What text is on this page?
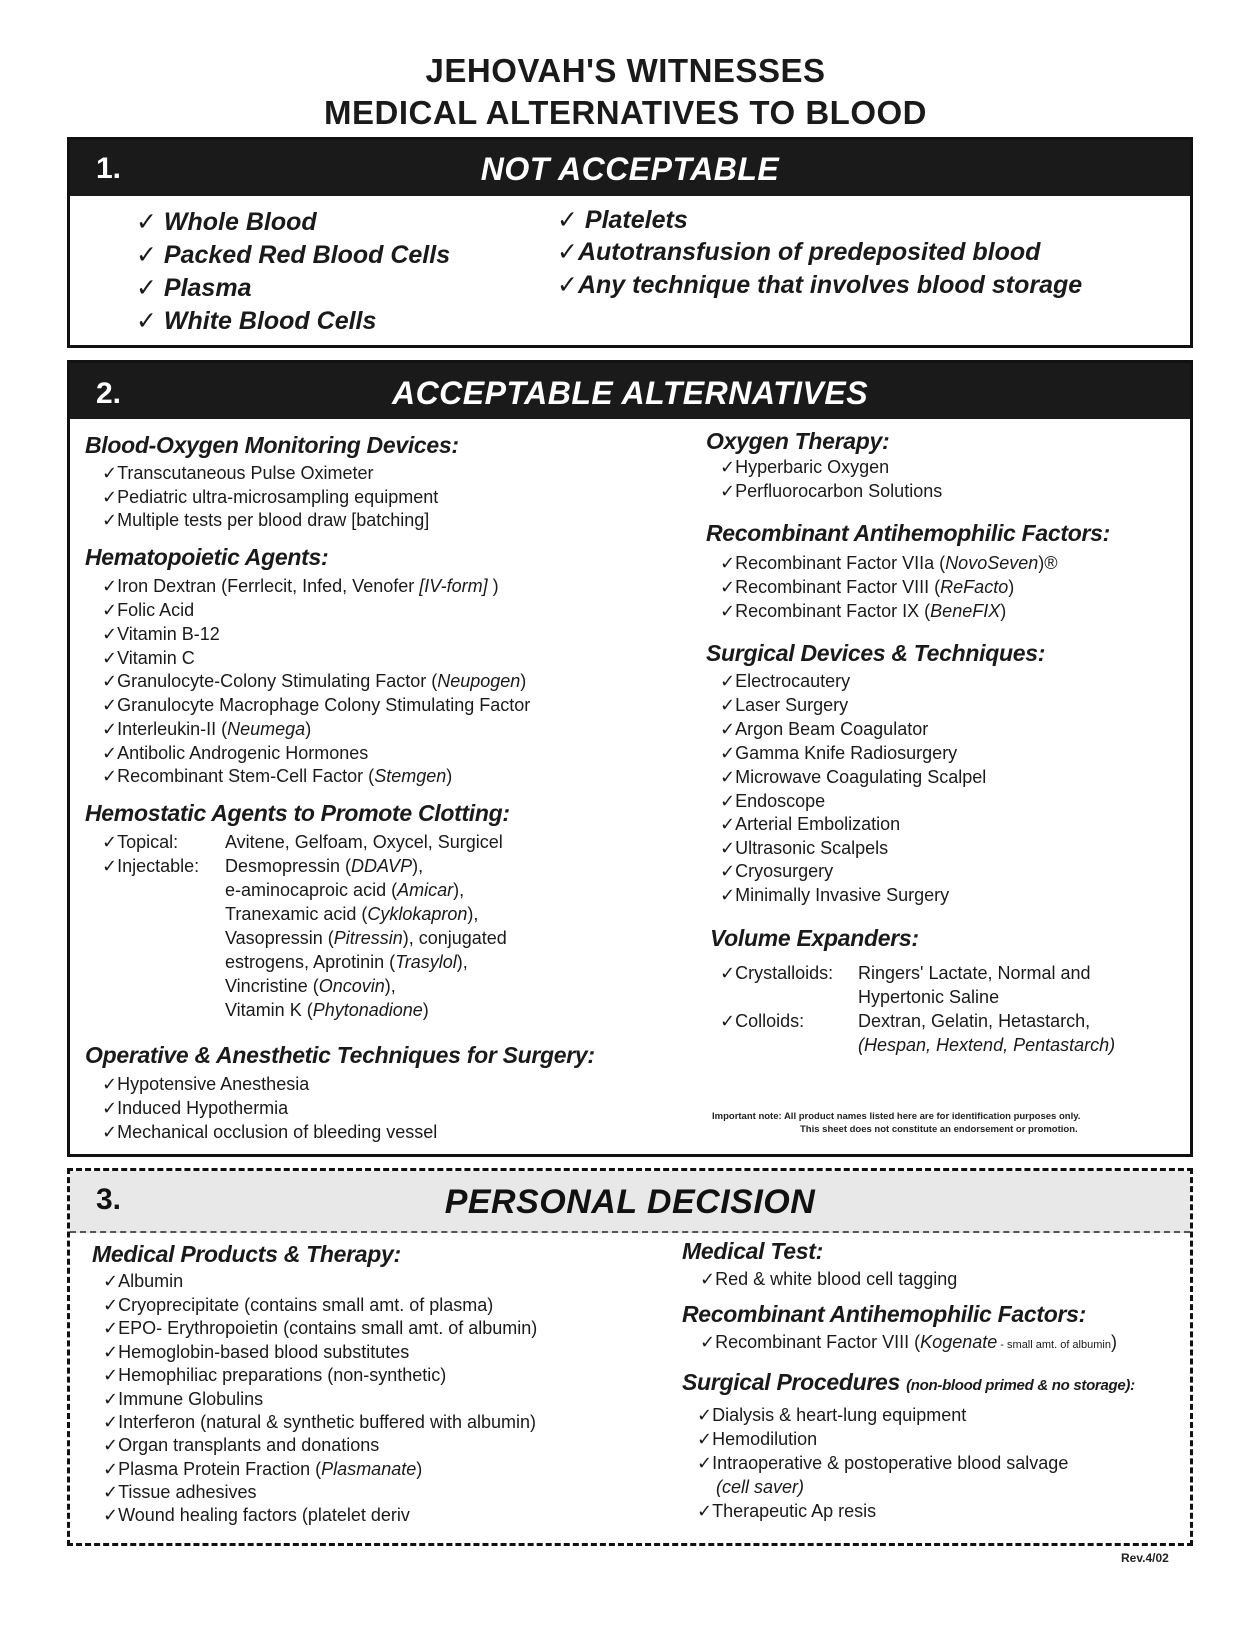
JEHOVAH'S WITNESSES
MEDICAL ALTERNATIVES TO BLOOD
1.	NOT ACCEPTABLE
✓ Whole Blood
✓ Packed Red Blood Cells
✓ Plasma
✓ White Blood Cells
✓ Platelets
✓Autotransfusion of predeposited blood
✓Any technique that involves blood storage
2.	ACCEPTABLE ALTERNATIVES
Blood-Oxygen Monitoring Devices:
✓Transcutaneous Pulse Oximeter
✓Pediatric ultra-microsampling equipment
✓Multiple tests per blood draw [batching]
Hematopoietic Agents:
✓Iron Dextran (Ferrlecit, Infed, Venofer [IV-form] )
✓Folic Acid
✓Vitamin B-12
✓Vitamin C
✓Granulocyte-Colony Stimulating Factor (Neupogen)
✓Granulocyte Macrophage Colony Stimulating Factor
✓Interleukin-II (Neumega)
✓Antibolic Androgenic Hormones
✓Recombinant Stem-Cell Factor (Stemgen)
Hemostatic Agents to Promote Clotting:
✓Topical:	Avitene, Gelfoam, Oxycel, Surgicel
✓Injectable: Desmopressin (DDAVP),
e-aminocaproic acid (Amicar),
Tranexamic acid (Cyklokapron),
Vasopressin (Pitressin), conjugated
estrogens, Aprotinin (Trasylol),
Vincristine (Oncovin),
Vitamin K (Phytonadione)
Operative & Anesthetic Techniques for Surgery:
✓Hypotensive Anesthesia
✓Induced Hypothermia
✓Mechanical occlusion of bleeding vessel
Oxygen Therapy:
✓Hyperbaric Oxygen
✓Perfluorocarbon Solutions
Recombinant Antihemophilic Factors:
✓Recombinant Factor VIIa (NovoSeven)®
✓Recombinant Factor VIII (ReFacto)
✓Recombinant Factor IX (BeneFIX)
Surgical Devices & Techniques:
✓Electrocautery
✓Laser Surgery
✓Argon Beam Coagulator
✓Gamma Knife Radiosurgery
✓Microwave Coagulating Scalpel
✓Endoscope
✓Arterial Embolization
✓Ultrasonic Scalpels
✓Cryosurgery
✓Minimally Invasive Surgery
Volume Expanders:
✓Crystalloids: Ringers' Lactate, Normal and
Hypertonic Saline
✓Colloids:	Dextran, Gelatin, Hetastarch,
(Hespan, Hextend, Pentastarch)
Important note: All product names listed here are for identification purposes only.
This sheet does not constitute an endorsement or promotion.
3.	PERSONAL DECISION
Medical Products & Therapy:
✓Albumin
✓Cryoprecipitate (contains small amt. of plasma)
✓EPO- Erythropoietin (contains small amt. of albumin)
✓Hemoglobin-based blood substitutes
✓Hemophiliac preparations (non-synthetic)
✓Immune Globulins
✓Interferon (natural & synthetic buffered with albumin)
✓Organ transplants and donations
✓Plasma Protein Fraction (Plasmanate)
✓Tissue adhesives
✓Wound healing factors (platelet deriv
Medical Test:
✓Red & white blood cell tagging
Recombinant Antihemophilic Factors:
✓Recombinant Factor VIII (Kogenate - small amt. of albumin)
Surgical Procedures (non-blood primed & no storage):
✓Dialysis & heart-lung equipment
✓Hemodilution
✓Intraoperative & postoperative blood salvage
(cell saver)
✓Therapeutic Ap resis
Rev.4/02
